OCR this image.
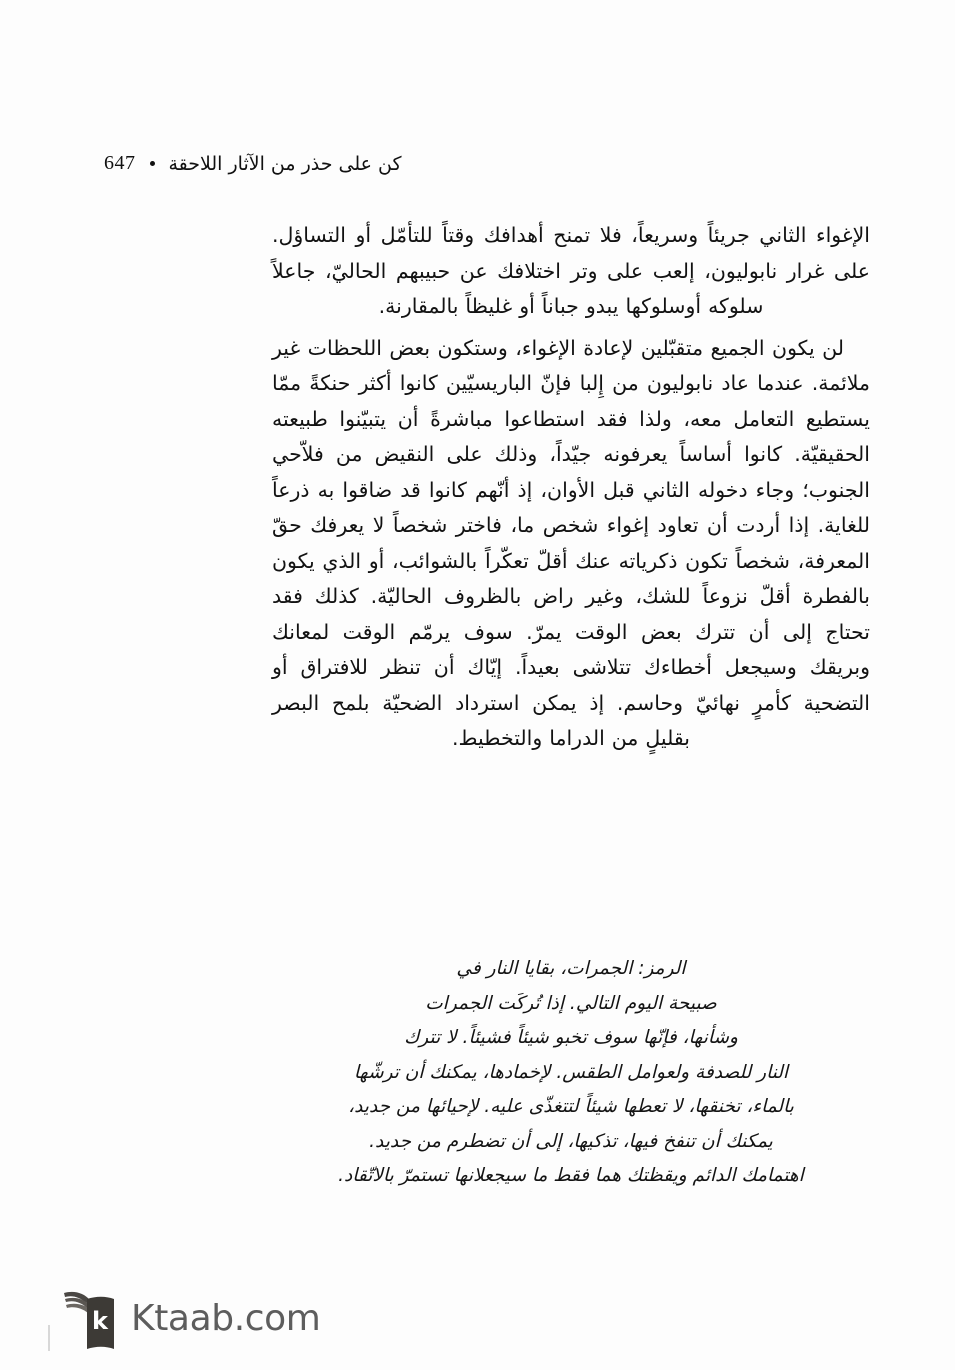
647 كن على حذر من الآثار اللاحقة

الإغواء الثاني جريئاً وسريعاً، فلا تمنح أهدافك وقتاً للتأمّل أو التساؤل. على غرار نابوليون، إلعب على وتر اختلافك عن حبيبهم الحاليّ، جاعلاً سلوكه أوسلوكها يبدو جباناً أو غليظاً بالمقارنة.

لن يكون الجميع متقبّلين لإعادة الإغواء، وستكون بعض اللحظات غير ملائمة. عندما عاد نابوليون من إِلبا فإنّ الباريسيّين كانوا أكثر حنكةً ممّا يستطيع التعامل معه، ولذا فقد استطاعوا مباشرةً أن يتبيّنوا طبيعته الحقيقيّة. كانوا أساساً يعرفونه جيّداً، وذلك على النقيض من فلاّحي الجنوب؛ وجاء دخوله الثاني قبل الأوان، إذ أنّهم كانوا قد ضاقوا به ذرعاً للغاية. إذا أردت أن تعاود إغواء شخص ما، فاختر شخصاً لا يعرفك حقّ المعرفة، شخصاً تكون ذكرياته عنك أقلّ تعكّراً بالشوائب، أو الذي يكون بالفطرة أقلّ نزوعاً للشك، وغير راض بالظروف الحاليّة. كذلك فقد تحتاج إلى أن تترك بعض الوقت يمرّ. سوف يرمّم الوقت لمعانك وبريقك وسيجعل أخطاءك تتلاشى بعيداً. إيّاك أن تنظر للافتراق أو التضحية كأمرٍ نهائيّ وحاسم. إذ يمكن استرداد الضحيّة بلمح البصر بقليلٍ من الدراما والتخطيط.

الرمز: الجمرات، بقايا النار في
صبيحة اليوم التالي. إذا تُركَت الجمرات
وشأنها، فإنّها سوف تخبو شيئاً فشيئاً. لا تترك
النار للصدفة ولعوامل الطقس. لإخمادها، يمكنك أن ترشّها
بالماء، تخنقها، لا تعطها شيئاً لتتغذّى عليه. لإحيائها من جديد،
يمكنك أن تنفخ فيها، تذكيها، إلى أن تضطرم من جديد.
اهتمامك الدائم ويقظتك هما فقط ما سيجعلانها تستمرّ بالاتّقاد.
k Ktaab.com
